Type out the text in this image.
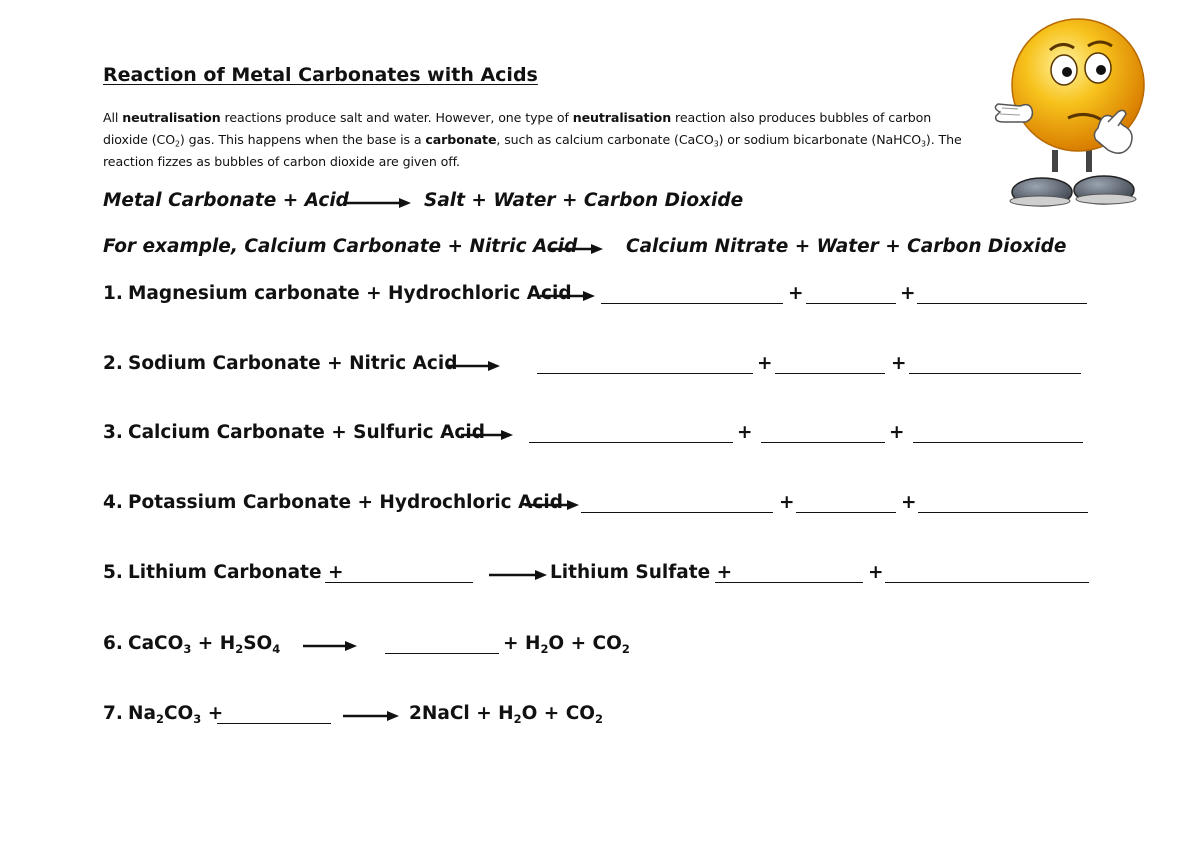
Reaction of Metal Carbonates with Acids
All neutralisation reactions produce salt and water. However, one type of neutralisation reaction also produces bubbles of carbon dioxide $(CO_2)$ gas. This happens when the base is a carbonate, such as calcium carbonate (CaCO$_3$) or sodium bicarbonate (NaHCO$_3$). The reaction fizzes as bubbles of carbon dioxide are given off.
Metal Carbonate + Acid → Salt + Water + Carbon Dioxide
For example, Calcium Carbonate + Nitric Acid → Calcium Nitrate + Water + Carbon Dioxide
1. Magnesium carbonate + Hydrochloric Acid	+	+
2. Sodium Carbonate + Nitric Acid	+	+
3. Calcium Carbonate + Sulfuric Acid	+	+
4. Potassium Carbonate + Hydrochloric Acid	+	+
5. Lithium Carbonate +	→ Lithium Sulfate +	+
6. CaCO$_3$ + $H_2SO_4$ →	+ $H_2O + CO_2$
7. $Na_2CO_3$ +	→ 2NaCl + $H_2O + CO_2$
